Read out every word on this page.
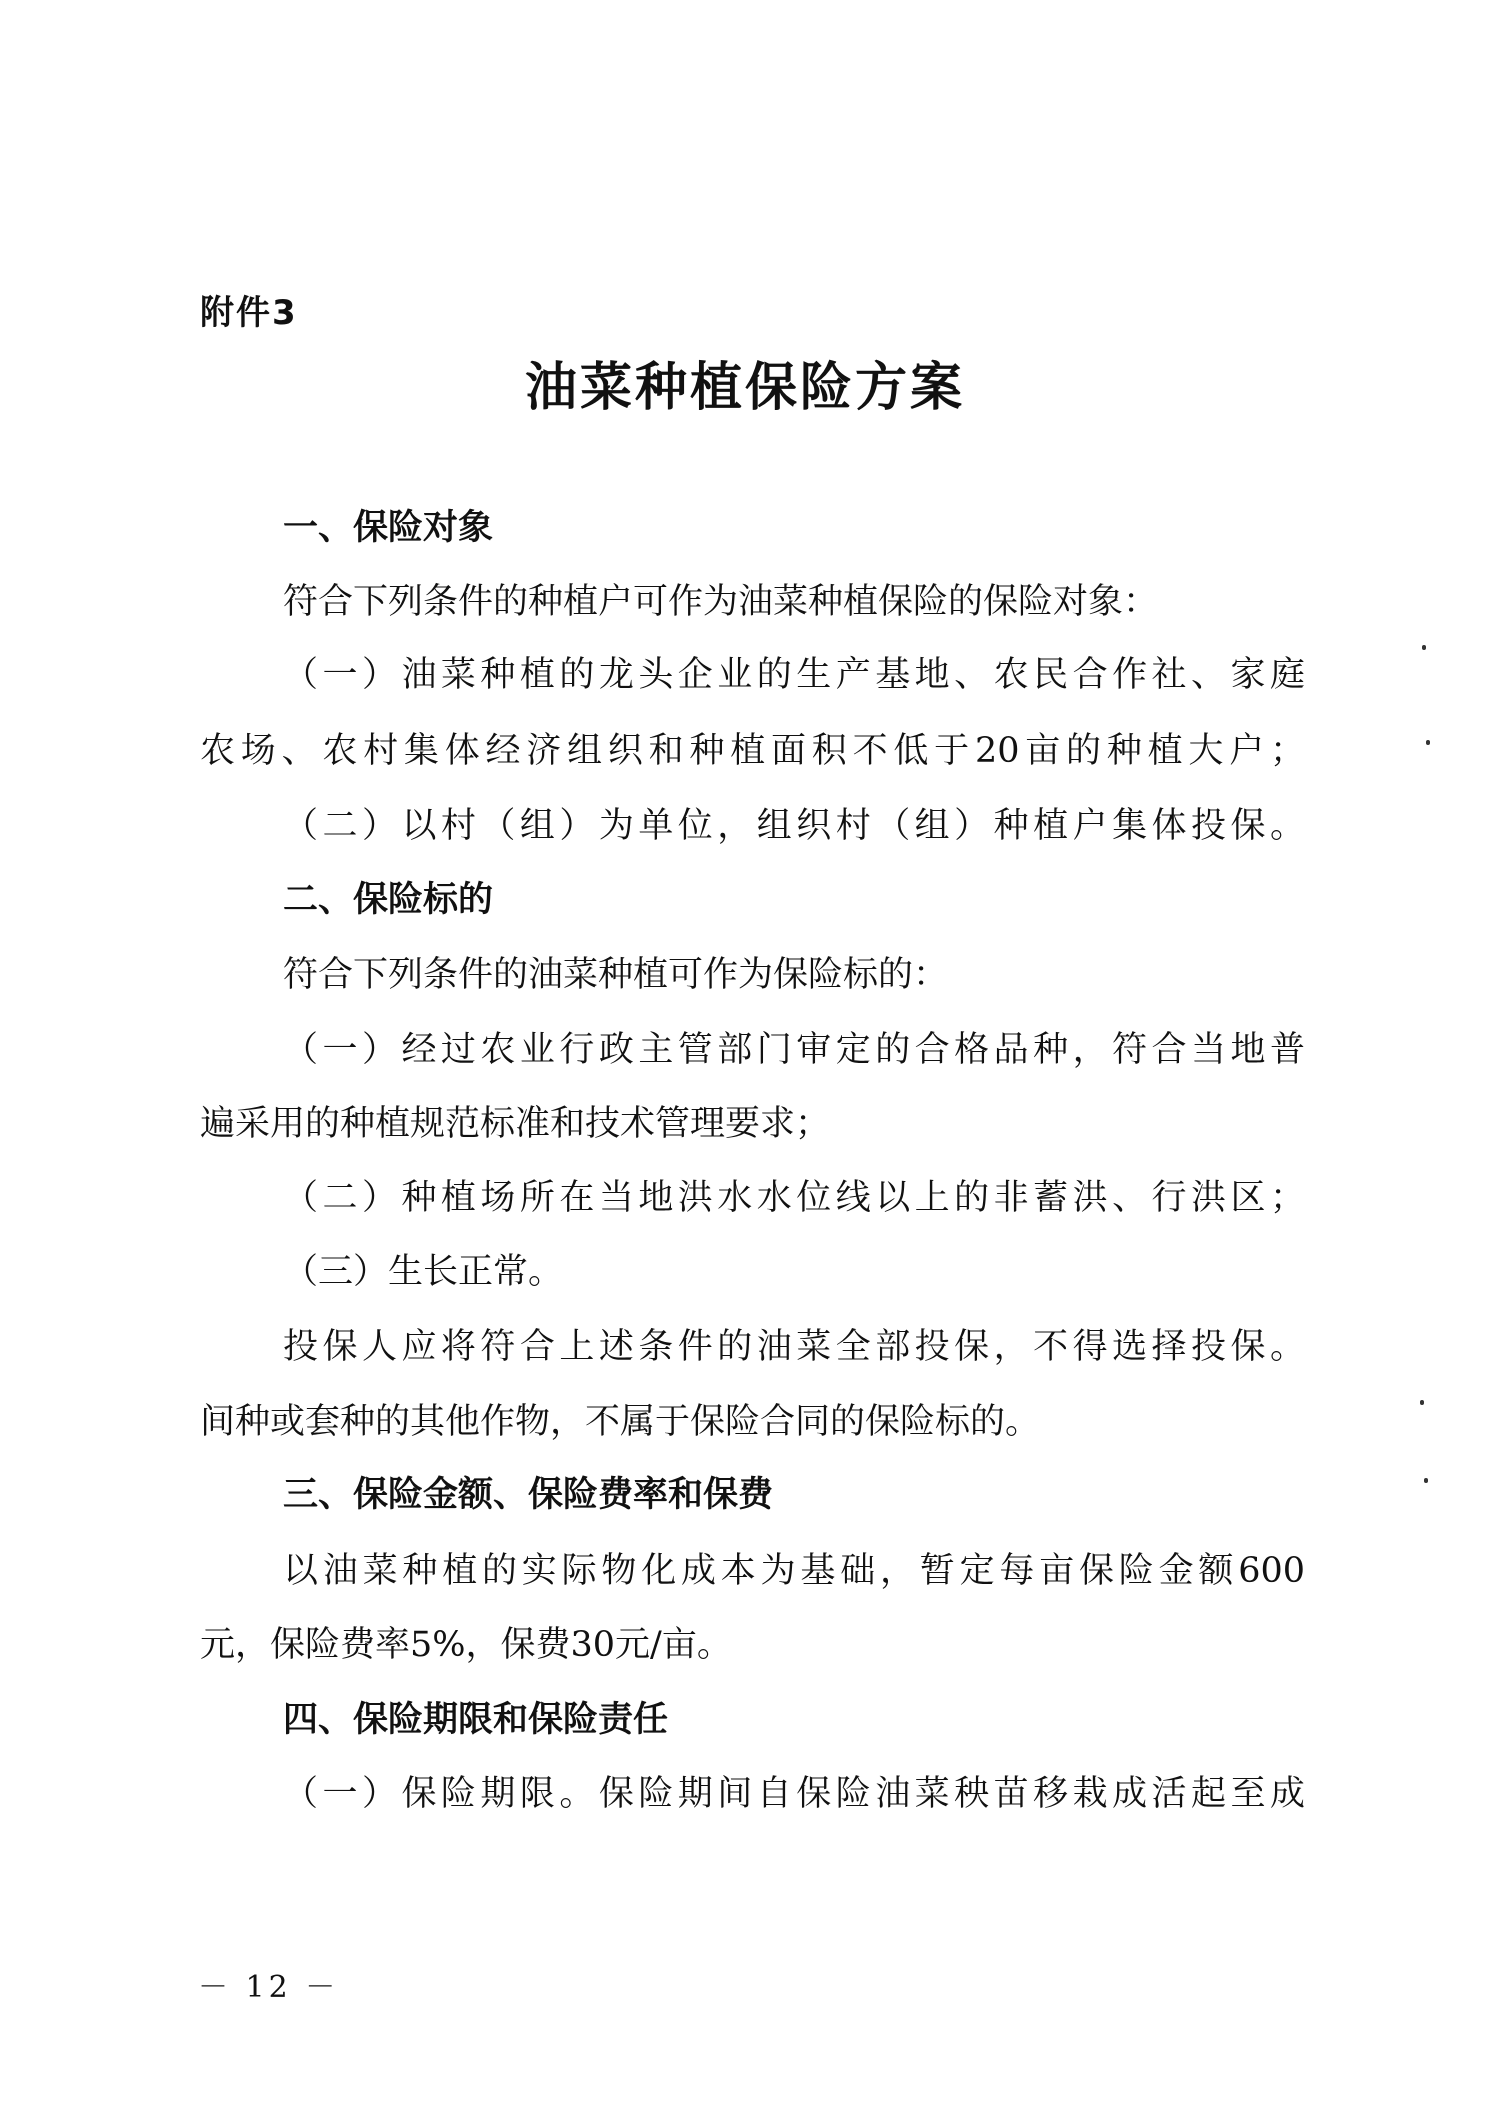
附件3
油菜种植保险方案
一、保险对象
符合下列条件的种植户可作为油菜种植保险的保险对象：
（一）油菜种植的龙头企业的生产基地、农民合作社、家庭
农场、农村集体经济组织和种植面积不低于20亩的种植大户；
（二）以村（组）为单位，组织村（组）种植户集体投保。
二、保险标的
符合下列条件的油菜种植可作为保险标的：
（一）经过农业行政主管部门审定的合格品种，符合当地普
遍采用的种植规范标准和技术管理要求；
（二）种植场所在当地洪水水位线以上的非蓄洪、行洪区；
（三）生长正常。
投保人应将符合上述条件的油菜全部投保，不得选择投保。
间种或套种的其他作物，不属于保险合同的保险标的。
三、保险金额、保险费率和保费
以油菜种植的实际物化成本为基础，暂定每亩保险金额600
元，保险费率5%，保费30元/亩。
四、保险期限和保险责任
（一）保险期限。保险期间自保险油菜秧苗移栽成活起至成
－ 12 －
